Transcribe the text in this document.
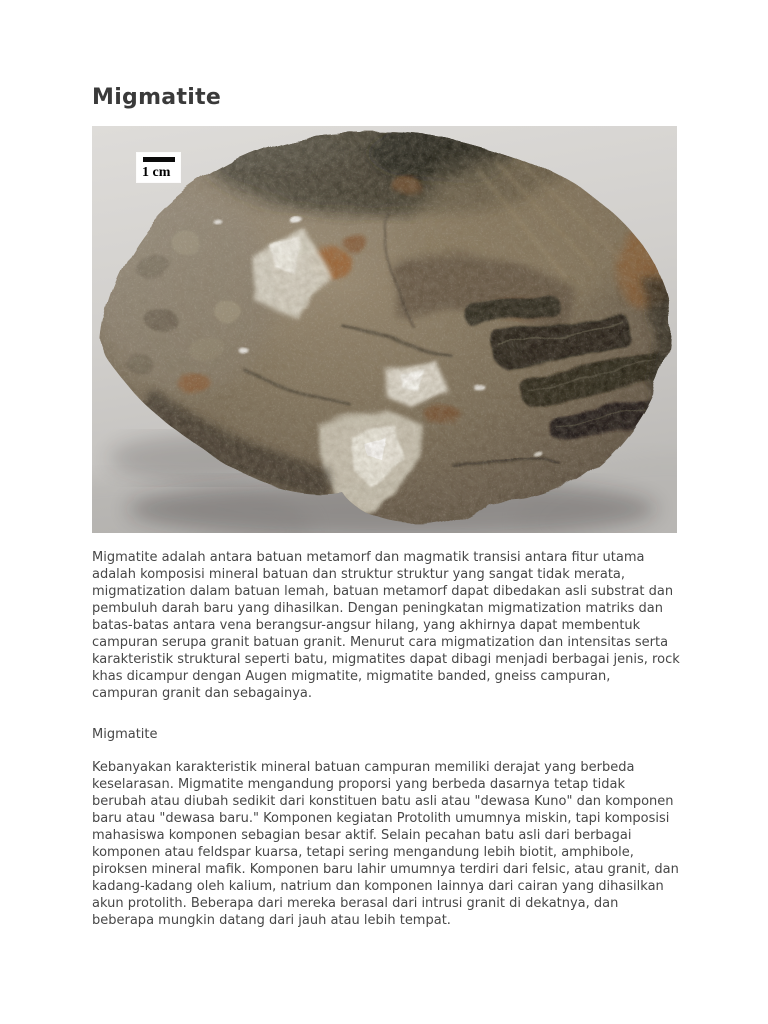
Migmatite
1 cm

Migmatite adalah antara batuan metamorf dan magmatik transisi antara fitur utama adalah komposisi mineral batuan dan struktur struktur yang sangat tidak merata, migmatization dalam batuan lemah, batuan metamorf dapat dibedakan asli substrat dan pembuluh darah baru yang dihasilkan. Dengan peningkatan migmatization matriks dan batas-batas antara vena berangsur-angsur hilang, yang akhirnya dapat membentuk campuran serupa granit batuan granit. Menurut cara migmatization dan intensitas serta karakteristik struktural seperti batu, migmatites dapat dibagi menjadi berbagai jenis, rock khas dicampur dengan Augen migmatite, migmatite banded, gneiss campuran, campuran granit dan sebagainya.

Migmatite

Kebanyakan karakteristik mineral batuan campuran memiliki derajat yang berbeda keselarasan. Migmatite mengandung proporsi yang berbeda dasarnya tetap tidak berubah atau diubah sedikit dari konstituen batu asli atau "dewasa Kuno" dan komponen baru atau "dewasa baru." Komponen kegiatan Protolith umumnya miskin, tapi komposisi mahasiswa komponen sebagian besar aktif. Selain pecahan batu asli dari berbagai komponen atau feldspar kuarsa, tetapi sering mengandung lebih biotit, amphibole, piroksen mineral mafik. Komponen baru lahir umumnya terdiri dari felsic, atau granit, dan kadang-kadang oleh kalium, natrium dan komponen lainnya dari cairan yang dihasilkan akun protolith. Beberapa dari mereka berasal dari intrusi granit di dekatnya, dan beberapa mungkin datang dari jauh atau lebih tempat.
